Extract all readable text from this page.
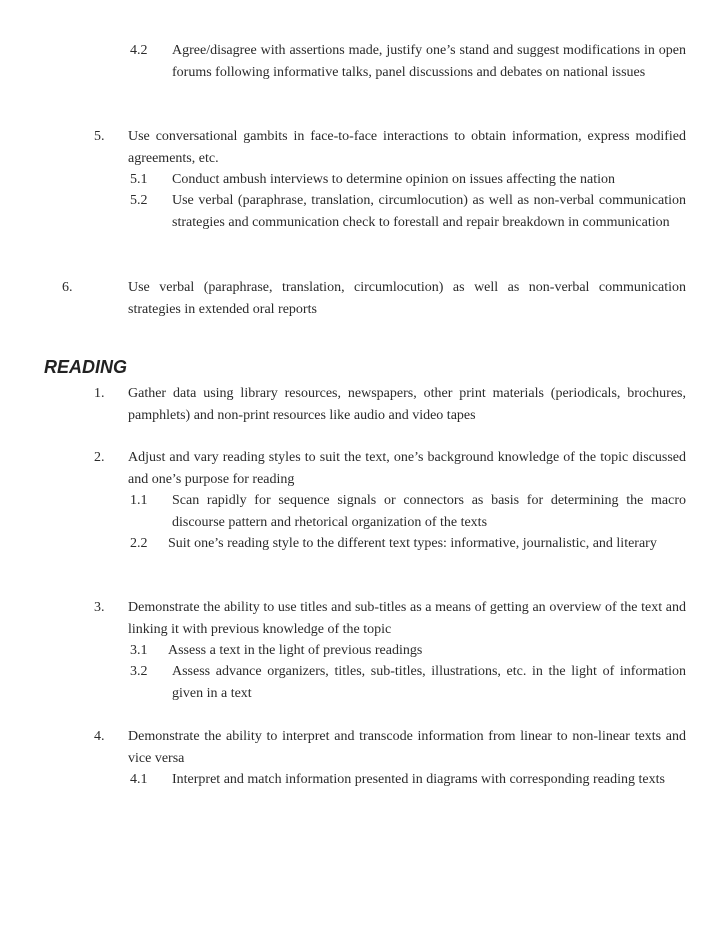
4.2 Agree/disagree with assertions made, justify one’s stand and suggest modifications in open forums following informative talks, panel discussions and debates on national issues
5. Use conversational gambits in face-to-face interactions to obtain information, express modified agreements, etc.
5.1 Conduct ambush interviews to determine opinion on issues affecting the nation
5.2 Use verbal (paraphrase, translation, circumlocution) as well as non-verbal communication strategies and communication check to forestall and repair breakdown in communication
6.	Use verbal (paraphrase, translation, circumlocution) as well as non-verbal communication strategies in extended oral reports
READING
1. Gather data using library resources, newspapers, other print materials (periodicals, brochures, pamphlets) and non-print resources like audio and video tapes
2. Adjust and vary reading styles to suit the text, one’s background knowledge of the topic discussed and one’s purpose for reading
1.1 Scan rapidly for sequence signals or connectors as basis for determining the macro discourse pattern and rhetorical organization of the texts
2.2 Suit one’s reading style to the different text types: informative, journalistic, and literary
3. Demonstrate the ability to use titles and sub-titles as a means of getting an overview of the text and linking it with previous knowledge of the topic
3.1 Assess a text in the light of previous readings
3.2 Assess advance organizers, titles, sub-titles, illustrations, etc. in the light of information given in a text
4. Demonstrate the ability to interpret and transcode information from linear to non-linear texts and vice versa
4.1 Interpret and match information presented in diagrams with corresponding reading texts
